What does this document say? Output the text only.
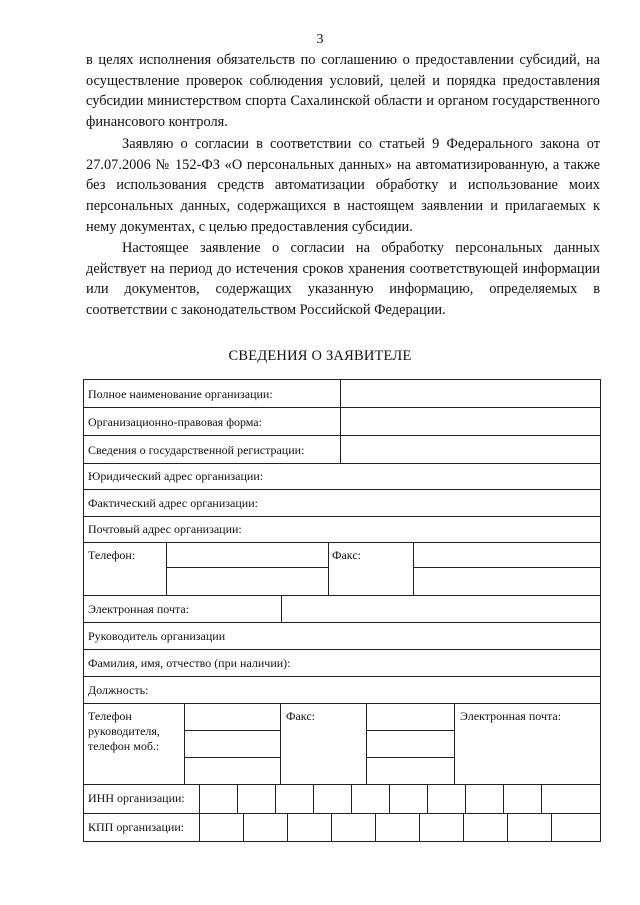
3

в целях исполнения обязательств по соглашению о предоставлении субсидий, на осуществление проверок соблюдения условий, целей и порядка предоставления субсидии министерством спорта Сахалинской области и органом государственного финансового контроля.

Заявляю о согласии в соответствии со статьей 9 Федерального закона от 27.07.2006 № 152-ФЗ «О персональных данных» на автоматизированную, а также без использования средств автоматизации обработку и использование моих персональных данных, содержащихся в настоящем заявлении и прилагаемых к нему документах, с целью предоставления субсидии.

Настоящее заявление о согласии на обработку персональных данных действует на период до истечения сроков хранения соответствующей информации или документов, содержащих указанную информацию, определяемых в соответствии с законодательством Российской Федерации.

СВЕДЕНИЯ О ЗАЯВИТЕЛЕ
Полное наименование организации:
Организационно-правовая форма:
Сведения о государственной регистрации:
Юридический адрес организации:
Фактический адрес организации:
Почтовый адрес организации:
Телефон:	Факс:
Электронная почта:
Руководитель организации
Фамилия, имя, отчество (при наличии):
Должность:
Телефон руководителя, телефон моб.:
Факс:	Электронная почта:
ИНН организации:
КПП организации:
